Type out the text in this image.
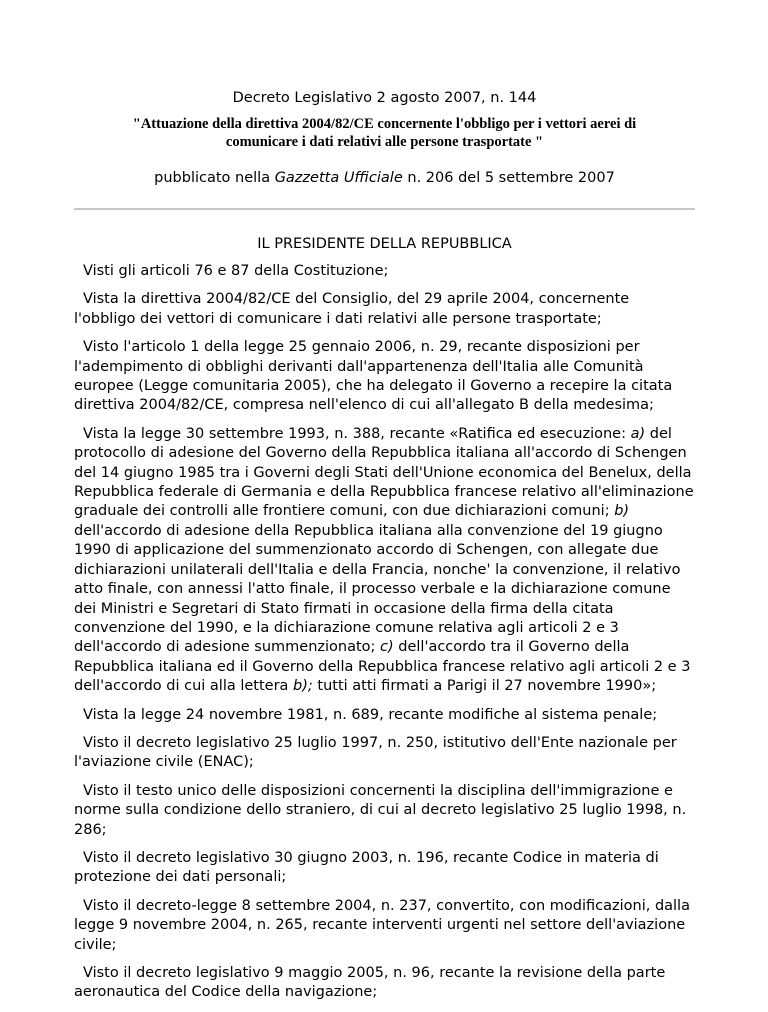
Decreto Legislativo 2 agosto 2007, n. 144
"Attuazione della direttiva 2004/82/CE concernente l'obbligo per i vettori aerei di
comunicare i dati relativi alle persone trasportate "
pubblicato nella Gazzetta Ufficiale n. 206 del 5 settembre 2007
IL PRESIDENTE DELLA REPUBBLICA

Visti gli articoli 76 e 87 della Costituzione;

Vista la direttiva 2004/82/CE del Consiglio, del 29 aprile 2004, concernente l'obbligo dei vettori di comunicare i dati relativi alle persone trasportate;

Visto l'articolo 1 della legge 25 gennaio 2006, n. 29, recante disposizioni per l'adempimento di obblighi derivanti dall'appartenenza dell'Italia alle Comunità europee (Legge comunitaria 2005), che ha delegato il Governo a recepire la citata direttiva 2004/82/CE, compresa nell'elenco di cui all'allegato B della medesima;

Vista la legge 30 settembre 1993, n. 388, recante «Ratifica ed esecuzione: a) del protocollo di adesione del Governo della Repubblica italiana all'accordo di Schengen del 14 giugno 1985 tra i Governi degli Stati dell'Unione economica del Benelux, della Repubblica federale di Germania e della Repubblica francese relativo all'eliminazione graduale dei controlli alle frontiere comuni, con due dichiarazioni comuni; b) dell'accordo di adesione della Repubblica italiana alla convenzione del 19 giugno 1990 di applicazione del summenzionato accordo di Schengen, con allegate due dichiarazioni unilaterali dell'Italia e della Francia, nonche' la convenzione, il relativo atto finale, con annessi l'atto finale, il processo verbale e la dichiarazione comune dei Ministri e Segretari di Stato firmati in occasione della firma della citata convenzione del 1990, e la dichiarazione comune relativa agli articoli 2 e 3 dell'accordo di adesione summenzionato; c) dell'accordo tra il Governo della Repubblica italiana ed il Governo della Repubblica francese relativo agli articoli 2 e 3 dell'accordo di cui alla lettera b); tutti atti firmati a Parigi il 27 novembre 1990»;

Vista la legge 24 novembre 1981, n. 689, recante modifiche al sistema penale;

Visto il decreto legislativo 25 luglio 1997, n. 250, istitutivo dell'Ente nazionale per l'aviazione civile (ENAC);

Visto il testo unico delle disposizioni concernenti la disciplina dell'immigrazione e norme sulla condizione dello straniero, di cui al decreto legislativo 25 luglio 1998, n. 286;

Visto il decreto legislativo 30 giugno 2003, n. 196, recante Codice in materia di protezione dei dati personali;

Visto il decreto-legge 8 settembre 2004, n. 237, convertito, con modificazioni, dalla legge 9 novembre 2004, n. 265, recante interventi urgenti nel settore dell'aviazione civile;

Visto il decreto legislativo 9 maggio 2005, n. 96, recante la revisione della parte aeronautica del Codice della navigazione;
